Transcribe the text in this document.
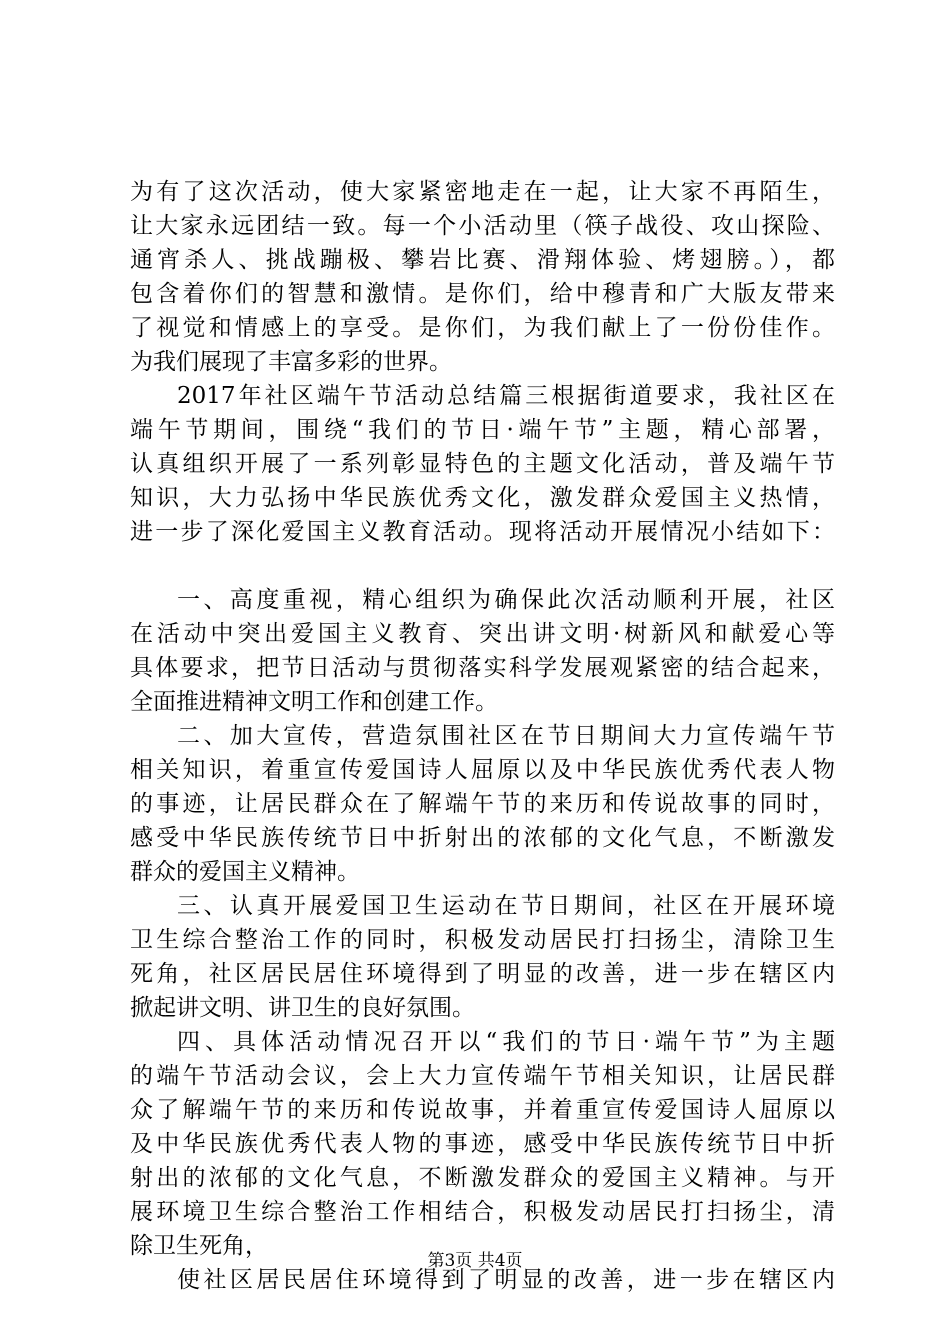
为有了这次活动，使大家紧密地走在一起，让大家不再陌生，
让大家永远团结一致。每一个小活动里（筷子战役、攻山探险、
通宵杀人、挑战蹦极、攀岩比赛、滑翔体验、烤翅膀。），都
包含着你们的智慧和激情。是你们，给中穆青和广大版友带来
了视觉和情感上的享受。是你们，为我们献上了一份份佳作。
为我们展现了丰富多彩的世界。
2017年社区端午节活动总结篇三根据街道要求，我社区在
端午节期间，围绕“我们的节日·端午节”主题，精心部署，
认真组织开展了一系列彰显特色的主题文化活动，普及端午节
知识，大力弘扬中华民族优秀文化，激发群众爱国主义热情，
进一步了深化爱国主义教育活动。现将活动开展情况小结如下：
一、高度重视，精心组织为确保此次活动顺利开展，社区
在活动中突出爱国主义教育、突出讲文明·树新风和献爱心等
具体要求，把节日活动与贯彻落实科学发展观紧密的结合起来，
全面推进精神文明工作和创建工作。
二、加大宣传，营造氛围社区在节日期间大力宣传端午节
相关知识，着重宣传爱国诗人屈原以及中华民族优秀代表人物
的事迹，让居民群众在了解端午节的来历和传说故事的同时，
感受中华民族传统节日中折射出的浓郁的文化气息，不断激发
群众的爱国主义精神。
三、认真开展爱国卫生运动在节日期间，社区在开展环境
卫生综合整治工作的同时，积极发动居民打扫扬尘，清除卫生
死角，社区居民居住环境得到了明显的改善，进一步在辖区内
掀起讲文明、讲卫生的良好氛围。
四、具体活动情况召开以“我们的节日·端午节”为主题
的端午节活动会议，会上大力宣传端午节相关知识，让居民群
众了解端午节的来历和传说故事，并着重宣传爱国诗人屈原以
及中华民族优秀代表人物的事迹，感受中华民族传统节日中折
射出的浓郁的文化气息，不断激发群众的爱国主义精神。与开
展环境卫生综合整治工作相结合，积极发动居民打扫扬尘，清
除卫生死角，
使社区居民居住环境得到了明显的改善，进一步在辖区内
第3页 共4页
